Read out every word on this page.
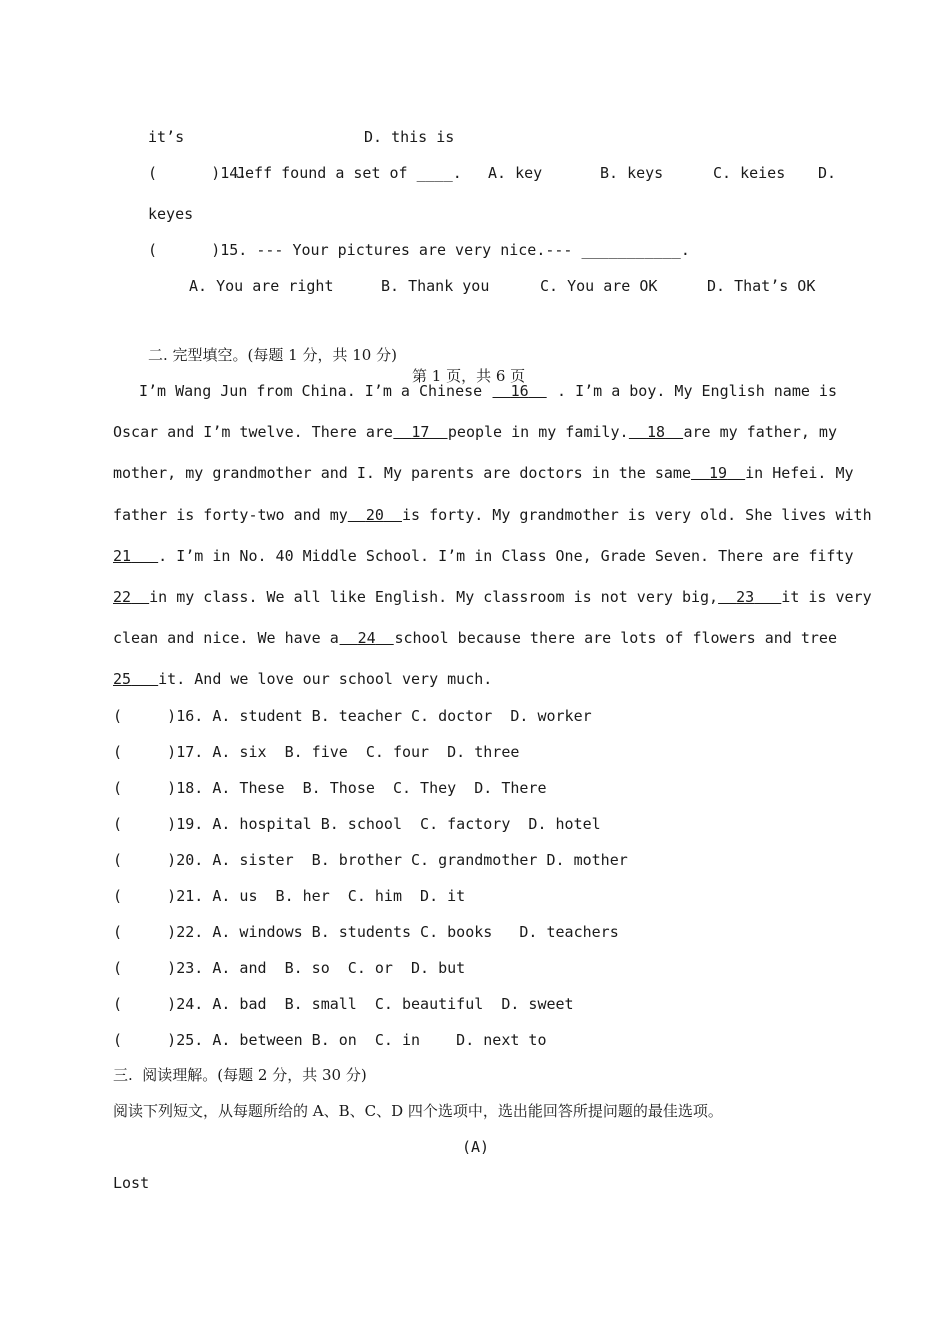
it’s	D. this is
(      )14.
Jeff found a set of ____. A. key	B. keys	C. keies D.
keyes
(      )15. --- Your pictures are very nice.--- ___________.
A. You are right	B. Thank you	C. You are OK	D. That’s OK
二. 完型填空。(每题 1 分，共 10 分)
第 1 页，共 6 页
I’m Wang Jun from China. I’m a Chinese	16	. I’m a boy. My English name is
Oscar and I’m twelve. There are	17	people in my family.	18	are my father, my
mother, my grandmother and I. My parents are doctors in the same	19	in Hefei. My
father is forty-two and my	20	is forty. My grandmother is very old. She lives with
21	. I’m in No. 40 Middle School. I’m in Class One, Grade Seven. There are fifty
22	in my class. We all like English. My classroom is not very big,	23	it is very
clean and nice. We have a	24	school because there are lots of flowers and tree
25 it. And we love our school very much.
(     )16. A. student B. teacher C. doctor  D. worker
(     )17. A. six  B. five  C. four  D. three
(     )18. A. These  B. Those  C. They  D. There
(     )19. A. hospital B. school  C. factory  D. hotel
(     )20. A. sister  B. brother C. grandmother D. mother
(     )21. A. us  B. her  C. him  D. it
(     )22. A. windows B. students C. books   D. teachers
(     )23. A. and  B. so  C. or  D. but
(     )24. A. bad  B. small  C. beautiful  D. sweet
(     )25. A. between B. on  C. in    D. next to
三.  阅读理解。(每题 2 分，共 30 分)
阅读下列短文，从每题所给的 A、B、C、D 四个选项中，选出能回答所提问题的最佳选项。
(A)
Lost
